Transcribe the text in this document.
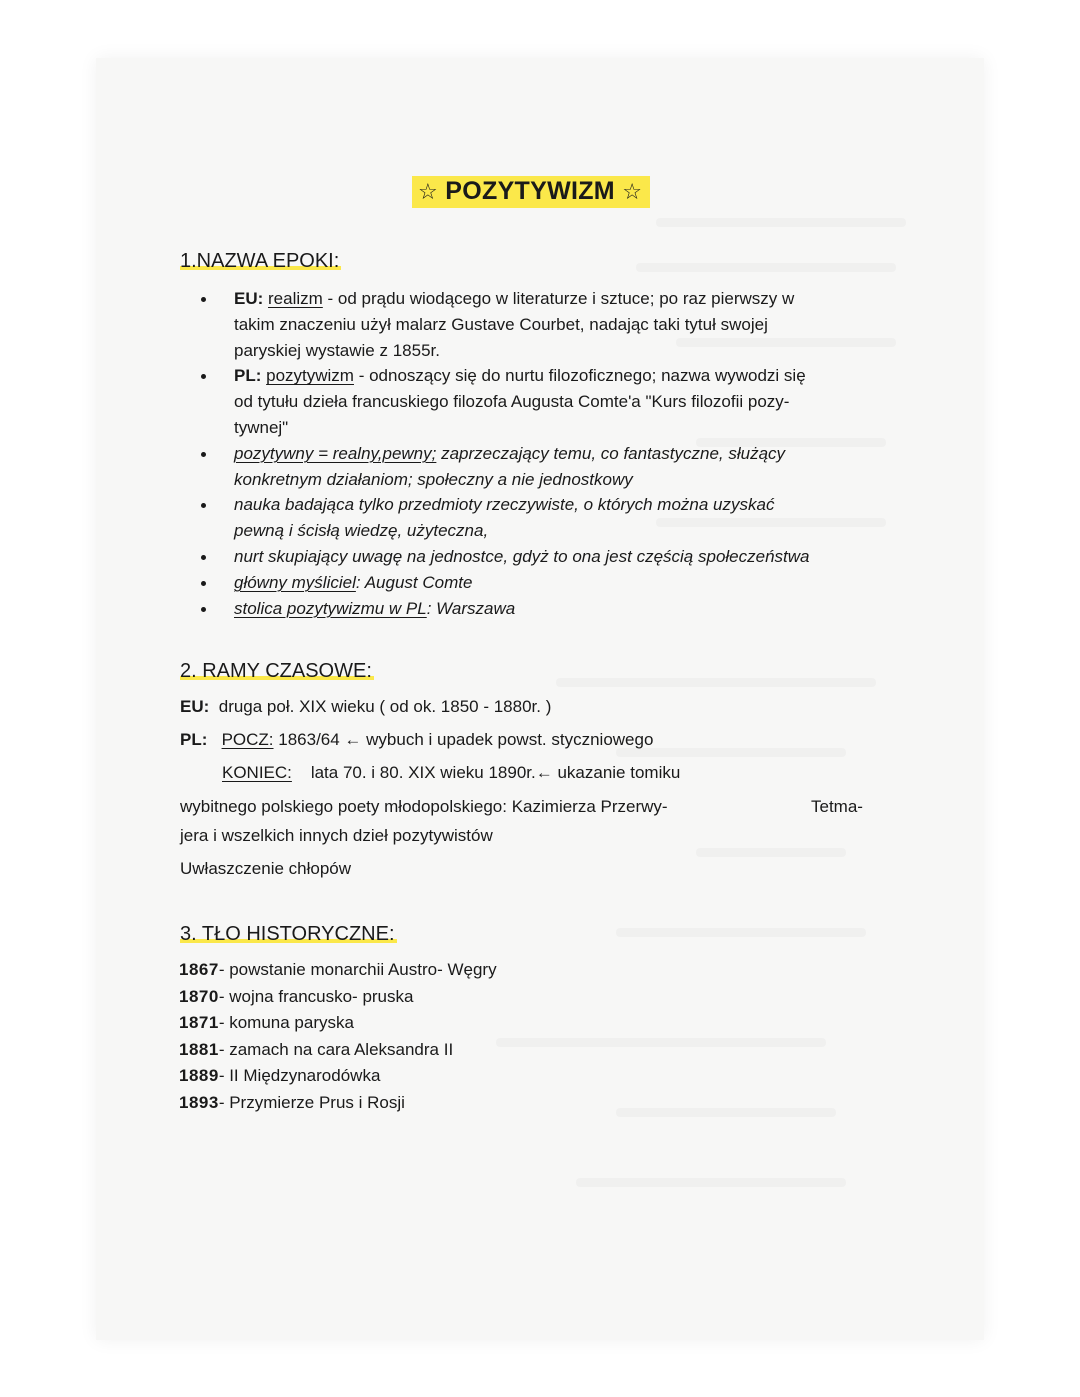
☆ POZYTYWIZM ☆
1.NAZWA EPOKI:
EU: realizm - od prądu wiodącego w literaturze i sztuce; po raz pierwszy w
takim znaczeniu użył malarz Gustave Courbet, nadając taki tytuł swojej
paryskiej wystawie z 1855r.
PL: pozytywizm - odnoszący się do nurtu filozoficznego; nazwa wywodzi się
od tytułu dzieła francuskiego filozofa Augusta Comte'a "Kurs filozofii pozy-
tywnej"
pozytywny = realny,pewny; zaprzeczający temu, co fantastyczne, służący
konkretnym działaniom; społeczny a nie jednostkowy
nauka badająca tylko przedmioty rzeczywiste, o których można uzyskać
pewną i ścisłą wiedzę, użyteczna,
nurt skupiający uwagę na jednostce, gdyż to ona jest częścią społeczeństwa
główny myśliciel: August Comte
stolica pozytywizmu w PL: Warszawa
2. RAMY CZASOWE:
EU: druga poł. XIX wieku ( od ok. 1850 - 1880r. )
PL: POCZ: 1863/64 ← wybuch i upadek powst. styczniowego
KONIEC: lata 70. i 80. XIX wieku 1890r.← ukazanie tomiku
wybitnego polskiego poety młodopolskiego: Kazimierza Przerwy-	Tetma-
jera i wszelkich innych dzieł pozytywistów
Uwłaszczenie chłopów
3. TŁO HISTORYCZNE:
1867- powstanie monarchii Austro- Węgry
1870- wojna francusko- pruska
1871- komuna paryska
1881- zamach na cara Aleksandra II
1889- II Międzynarodówka
1893- Przymierze Prus i Rosji
